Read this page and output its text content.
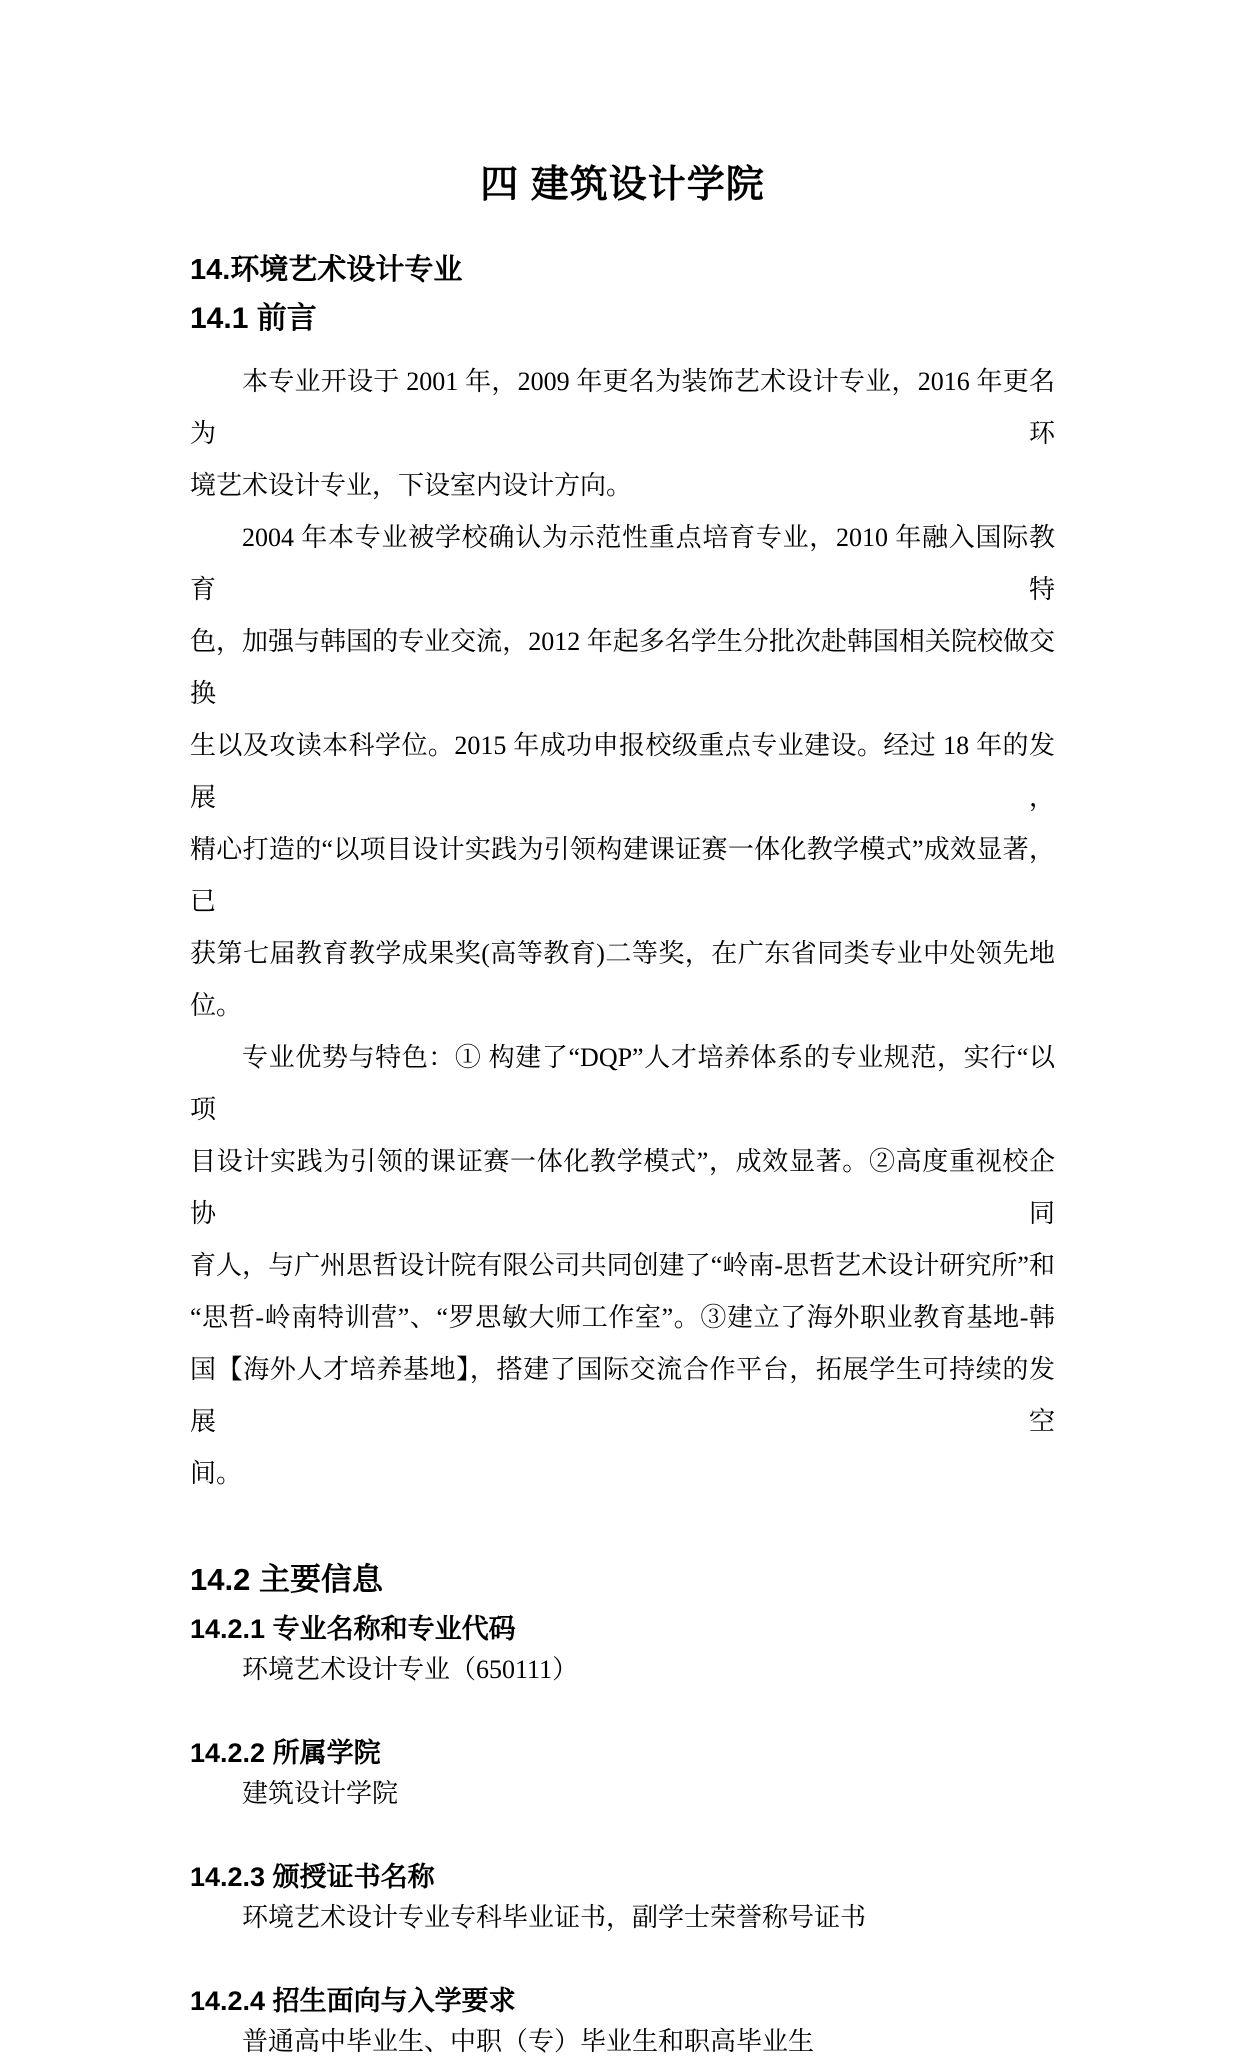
四 建筑设计学院
14.环境艺术设计专业
14.1 前言
本专业开设于 2001 年，2009 年更名为装饰艺术设计专业，2016 年更名为环
境艺术设计专业，下设室内设计方向。
2004 年本专业被学校确认为示范性重点培育专业，2010 年融入国际教育特
色，加强与韩国的专业交流，2012 年起多名学生分批次赴韩国相关院校做交换
生以及攻读本科学位。2015 年成功申报校级重点专业建设。经过 18 年的发展，
精心打造的“以项目设计实践为引领构建课证赛一体化教学模式”成效显著，已
获第七届教育教学成果奖(高等教育)二等奖，在广东省同类专业中处领先地位。
专业优势与特色：① 构建了“DQP”人才培养体系的专业规范，实行“以项
目设计实践为引领的课证赛一体化教学模式”，成效显著。②高度重视校企协同
育人，与广州思哲设计院有限公司共同创建了“岭南-思哲艺术设计研究所”和
“思哲-岭南特训营”、“罗思敏大师工作室”。③建立了海外职业教育基地-韩
国【海外人才培养基地】，搭建了国际交流合作平台，拓展学生可持续的发展空
间。
14.2 主要信息
14.2.1 专业名称和专业代码
环境艺术设计专业（650111）
14.2.2 所属学院
建筑设计学院
14.2.3 颁授证书名称
环境艺术设计专业专科毕业证书，副学士荣誉称号证书
14.2.4 招生面向与入学要求
普通高中毕业生、中职（专）毕业生和职高毕业生
